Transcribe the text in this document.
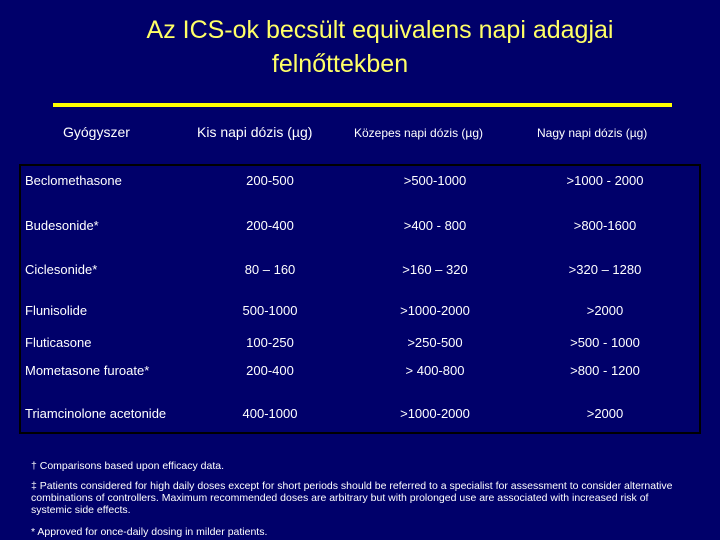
Az ICS-ok becsült equivalens napi adagjai
felnőttekben
Gyógyszer	Kis napi dózis (µg)	Közepes napi dózis (µg)	Nagy napi dózis (µg)
Beclomethasone	200-500	>500-1000	>1000 - 2000
Budesonide*	200-400	>400 - 800	>800-1600
Ciclesonide*	80 – 160	>160 – 320	>320 – 1280
Flunisolide	500-1000	>1000-2000	>2000
Fluticasone	100-250	>250-500	>500 - 1000
Mometasone furoate*	200-400	> 400-800	>800 - 1200
Triamcinolone acetonide	400-1000	>1000-2000	>2000
† Comparisons based upon efficacy data.
‡ Patients considered for high daily doses except for short periods should be referred to a specialist for assessment to consider alternative combinations of controllers. Maximum recommended doses are arbitrary but with prolonged use are associated with increased risk of systemic side effects.
* Approved for once-daily dosing in milder patients.
